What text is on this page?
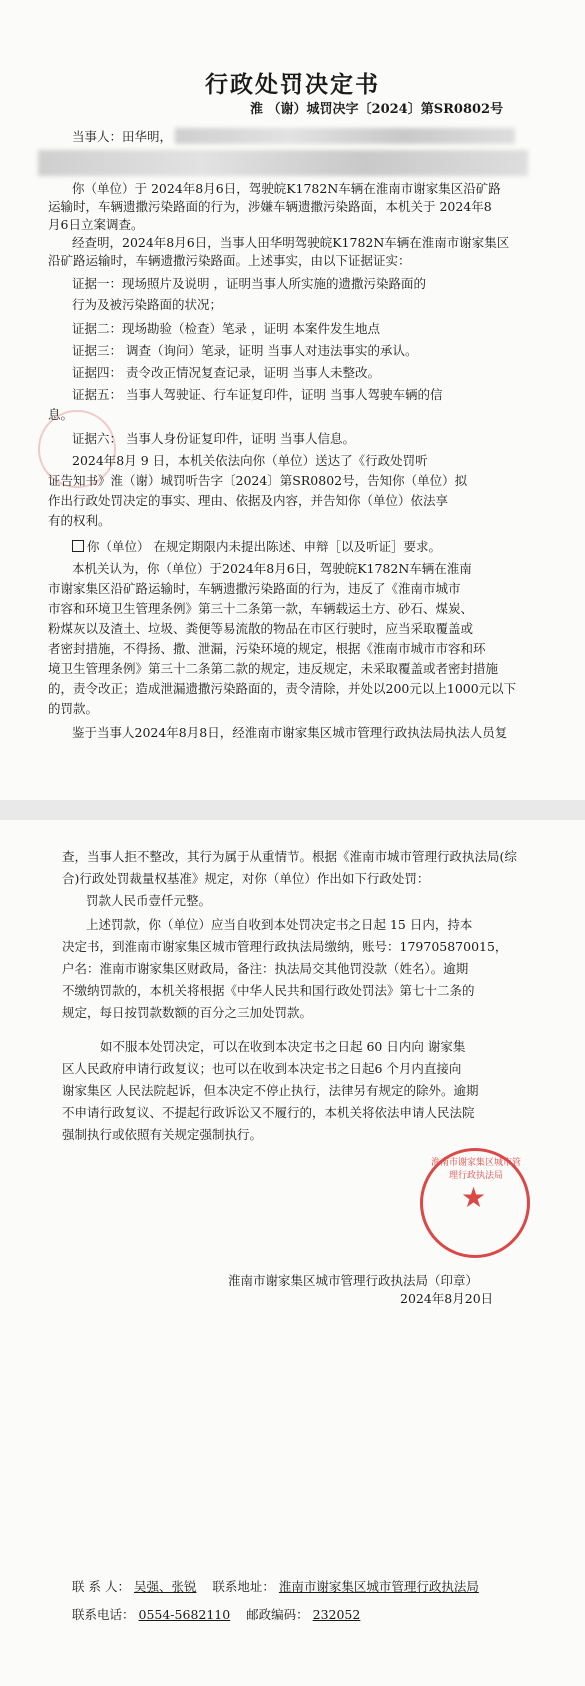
行政处罚决定书
淮 （谢）城罚决字〔2024〕第SR0802号
当事人：田华明，
你（单位）于 2024年8月6日，驾驶皖K1782N车辆在淮南市谢家集区沿矿路
运输时，车辆遗撒污染路面的行为，涉嫌车辆遗撒污染路面，本机关于 2024年8
月6日立案调查。
经查明，2024年8月6日，当事人田华明驾驶皖K1782N车辆在淮南市谢家集区
沿矿路运输时，车辆遗撒污染路面。上述事实，由以下证据证实：
证据一：现场照片及说明 ，证明当事人所实施的遗撒污染路面的
行为及被污染路面的状况；
证据二：现场勘验（检查）笔录 ，证明 本案件发生地点
证据三： 调查（询问）笔录，证明 当事人对违法事实的承认。
证据四： 责令改正情况复查记录，证明 当事人未整改。
证据五： 当事人驾驶证、行车证复印件，证明 当事人驾驶车辆的信
息。
证据六： 当事人身份证复印件，证明 当事人信息。
2024年8月 9 日，本机关依法向你（单位）送达了《行政处罚听
证告知书》淮（谢）城罚听告字〔2024〕第SR0802号，告知你（单位）拟
作出行政处罚决定的事实、理由、依据及内容，并告知你（单位）依法享
有的权利。
你（单位） 在规定期限内未提出陈述、申辩［以及听证］要求。
本机关认为，你（单位）于2024年8月6日，驾驶皖K1782N车辆在淮南
市谢家集区沿矿路运输时，车辆遗撒污染路面的行为，违反了《淮南市城市
市容和环境卫生管理条例》第三十二条第一款，车辆载运土方、砂石、煤炭、
粉煤灰以及渣土、垃圾、粪便等易流散的物品在市区行驶时，应当采取覆盖或
者密封措施，不得扬、撒、泄漏，污染环境的规定，根据《淮南市城市市容和环
境卫生管理条例》第三十二条第二款的规定，违反规定，未采取覆盖或者密封措施
的，责令改正；造成泄漏遗撒污染路面的，责令清除，并处以200元以上1000元以下
的罚款。
鉴于当事人2024年8月8日，经淮南市谢家集区城市管理行政执法局执法人员复
查，当事人拒不整改，其行为属于从重情节。根据《淮南市城市管理行政执法局(综
合)行政处罚裁量权基准》规定，对你（单位）作出如下行政处罚：
罚款人民币壹仟元整。
上述罚款，你（单位）应当自收到本处罚决定书之日起 15 日内，持本
决定书，到淮南市谢家集区城市管理行政执法局缴纳，账号：179705870015，
户名：淮南市谢家集区财政局，备注：执法局交其他罚没款（姓名）。逾期
不缴纳罚款的，本机关将根据《中华人民共和国行政处罚法》第七十二条的
规定，每日按罚款数额的百分之三加处罚款。
如不服本处罚决定，可以在收到本决定书之日起 60 日内向 谢家集
区人民政府申请行政复议；也可以在收到本决定书之日起6 个月内直接向
谢家集区 人民法院起诉，但本决定不停止执行，法律另有规定的除外。逾期
不申请行政复议、不提起行政诉讼又不履行的，本机关将依法申请人民法院
强制执行或依照有关规定强制执行。
淮南市谢家集区城市管理行政执法局
★
淮南市谢家集区城市管理行政执法局（印章）
2024年8月20日
联 系 人： 吴强、张锐 联系地址： 淮南市谢家集区城市管理行政执法局
联系电话： 0554-5682110 邮政编码： 232052
